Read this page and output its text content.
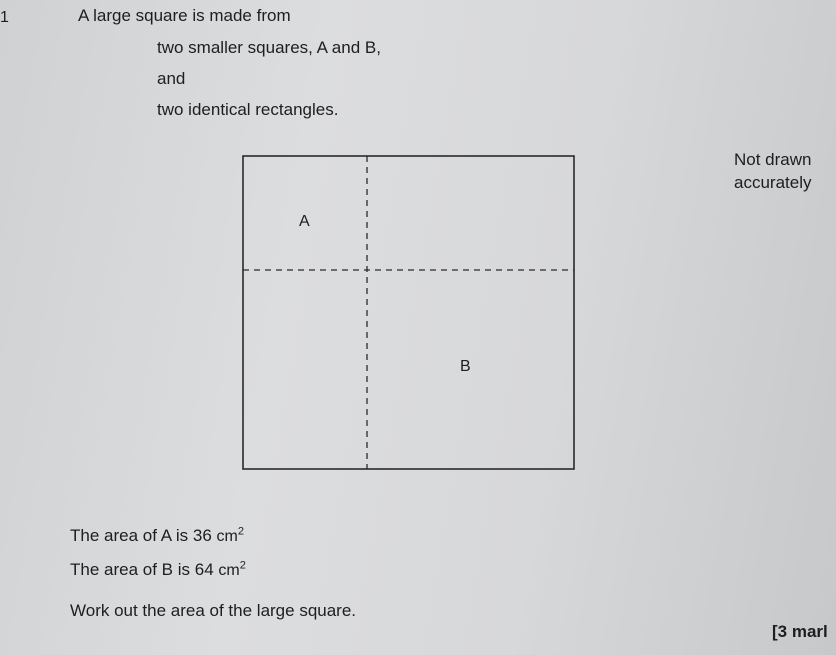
1	A large square is made from
two smaller squares, A and B,
and
two identical rectangles.
Not drawn
accurately
A
B
The area of A is 36 $cm^2$
The area of B is 64 $cm^2$
Work out the area of the large square.
[3 marl
